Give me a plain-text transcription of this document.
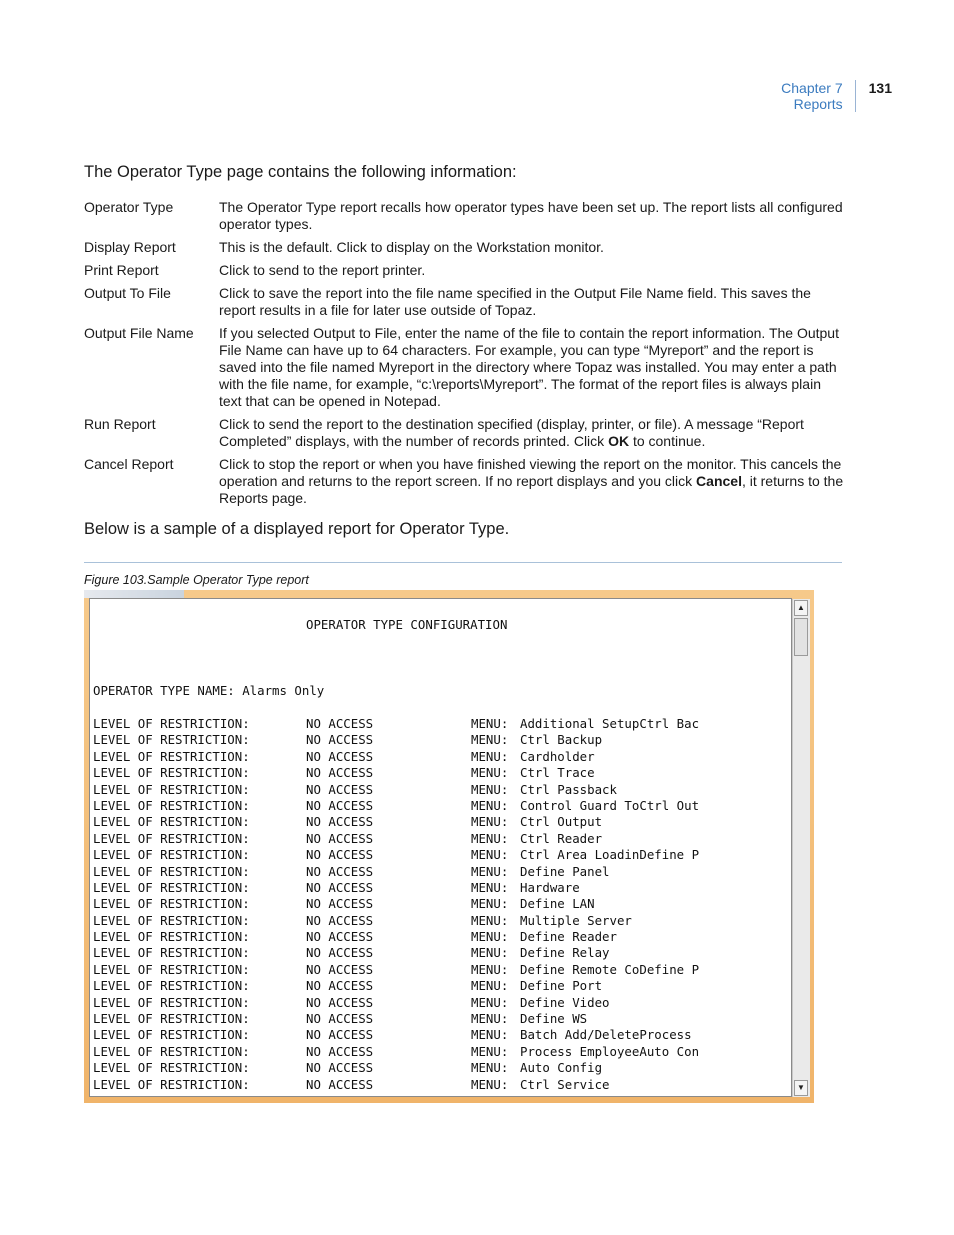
Chapter 7
Reports
131
The Operator Type page contains the following information:
Operator Type	The Operator Type report recalls how operator types have been set up. The report lists all configured operator types.
Display Report	This is the default. Click to display on the Workstation monitor.
Print Report	Click to send to the report printer.
Output To File	Click to save the report into the file name specified in the Output File Name field. This saves the report results in a file for later use outside of Topaz.
Output File Name	If you selected Output to File, enter the name of the file to contain the report information. The Output File Name can have up to 64 characters. For example, you can type “Myreport” and the report is saved into the file named Myreport in the directory where Topaz was installed. You may enter a path with the file name, for example, “c:\reports\Myreport”. The format of the report files is always plain text that can be opened in Notepad.
Run Report	Click to send the report to the destination specified (display, printer, or file). A message “Report Completed” displays, with the number of records printed. Click OK to continue.
Cancel Report	Click to stop the report or when you have finished viewing the report on the monitor. This cancels the operation and returns to the report screen. If no report displays and you click Cancel, it returns to the Reports page.
Below is a sample of a displayed report for Operator Type.
Figure 103.Sample Operator Type report
OPERATOR TYPE CONFIGURATION
OPERATOR TYPE NAME: Alarms Only
LEVEL OF RESTRICTION:	NO ACCESS	MENU: Additional SetupCtrl Bac
LEVEL OF RESTRICTION:	NO ACCESS	MENU: Ctrl Backup
LEVEL OF RESTRICTION:	NO ACCESS	MENU: Cardholder
LEVEL OF RESTRICTION:	NO ACCESS	MENU: Ctrl Trace
LEVEL OF RESTRICTION:	NO ACCESS	MENU: Ctrl Passback
LEVEL OF RESTRICTION:	NO ACCESS	MENU: Control Guard ToCtrl Out
LEVEL OF RESTRICTION:	NO ACCESS	MENU: Ctrl Output
LEVEL OF RESTRICTION:	NO ACCESS	MENU: Ctrl Reader
LEVEL OF RESTRICTION:	NO ACCESS	MENU: Ctrl Area LoadinDefine P
LEVEL OF RESTRICTION:	NO ACCESS	MENU: Define Panel
LEVEL OF RESTRICTION:	NO ACCESS	MENU: Hardware
LEVEL OF RESTRICTION:	NO ACCESS	MENU: Define LAN
LEVEL OF RESTRICTION:	NO ACCESS	MENU: Multiple Server
LEVEL OF RESTRICTION:	NO ACCESS	MENU: Define Reader
LEVEL OF RESTRICTION:	NO ACCESS	MENU: Define Relay
LEVEL OF RESTRICTION:	NO ACCESS	MENU: Define Remote CoDefine P
LEVEL OF RESTRICTION:	NO ACCESS	MENU: Define Port
LEVEL OF RESTRICTION:	NO ACCESS	MENU: Define Video
LEVEL OF RESTRICTION:	NO ACCESS	MENU: Define WS
LEVEL OF RESTRICTION:	NO ACCESS	MENU: Batch Add/DeleteProcess
LEVEL OF RESTRICTION:	NO ACCESS	MENU: Process EmployeeAuto Con
LEVEL OF RESTRICTION:	NO ACCESS	MENU: Auto Config
LEVEL OF RESTRICTION:	NO ACCESS	MENU: Ctrl Service
▲
▼
